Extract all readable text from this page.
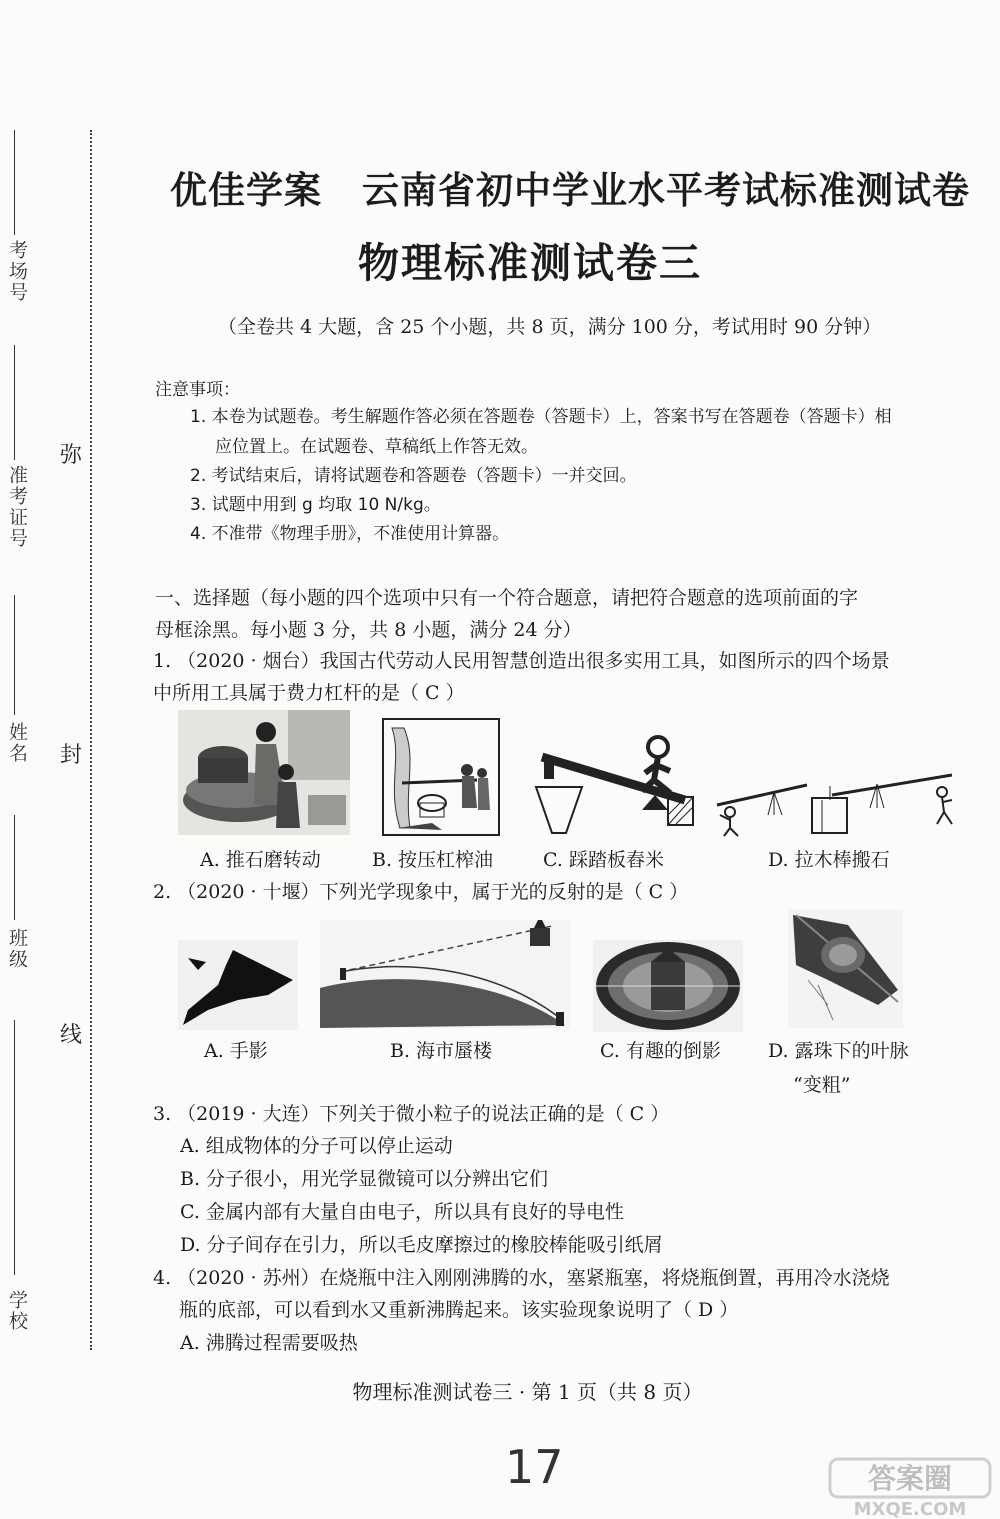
考场号
准考证号
姓名
班级
学校
弥
封
线
优佳学案 云南省初中学业水平考试标准测试卷
物理标准测试卷三
（全卷共 4 大题，含 25 个小题，共 8 页，满分 100 分，考试用时 90 分钟）
注意事项：
1. 本卷为试题卷。考生解题作答必须在答题卷（答题卡）上，答案书写在答题卷（答题卡）相
应位置上。在试题卷、草稿纸上作答无效。
2. 考试结束后，请将试题卷和答题卷（答题卡）一并交回。
3. 试题中用到 g 均取 10 N/kg。
4. 不准带《物理手册》，不准使用计算器。
一、选择题（每小题的四个选项中只有一个符合题意，请把符合题意的选项前面的字
母框涂黑。每小题 3 分，共 8 小题，满分 24 分）
1. （2020 · 烟台）我国古代劳动人民用智慧创造出很多实用工具，如图所示的四个场景
中所用工具属于费力杠杆的是（ C ）
A. 推石磨转动	B. 按压杠榨油	C. 踩踏板舂米	D. 拉木棒搬石
2. （2020 · 十堰）下列光学现象中，属于光的反射的是（ C ）
A. 手影	B. 海市蜃楼	C. 有趣的倒影 D. 露珠下的叶脉
“变粗”
3. （2019 · 大连）下列关于微小粒子的说法正确的是（ C ）
A. 组成物体的分子可以停止运动
B. 分子很小，用光学显微镜可以分辨出它们
C. 金属内部有大量自由电子，所以具有良好的导电性
D. 分子间存在引力，所以毛皮摩擦过的橡胶棒能吸引纸屑
4. （2020 · 苏州）在烧瓶中注入刚刚沸腾的水，塞紧瓶塞，将烧瓶倒置，再用冷水浇烧
瓶的底部，可以看到水又重新沸腾起来。该实验现象说明了（ D ）
A. 沸腾过程需要吸热
物理标准测试卷三 · 第 1 页（共 8 页）
17	答案圈
MXQE.COM
